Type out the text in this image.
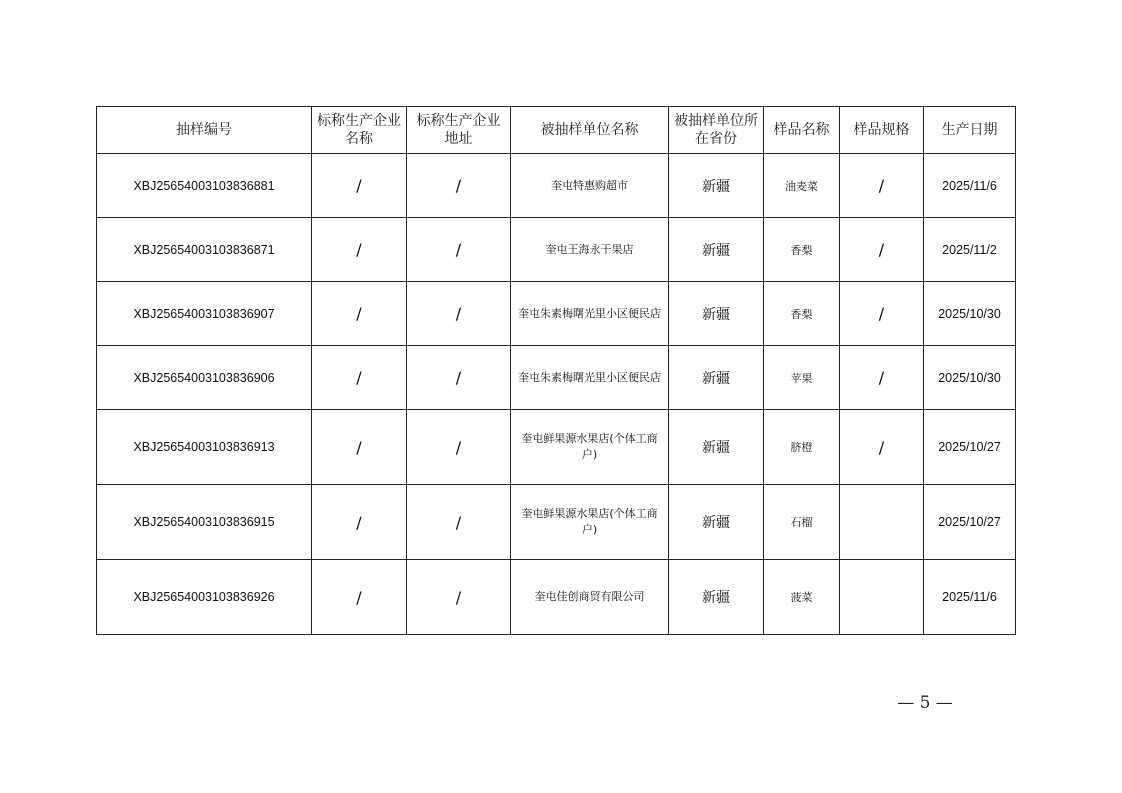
抽样编号	标称生产企业名称	标称生产企业地址	被抽样单位名称	被抽样单位所在省份	样品名称	样品规格	生产日期
XBJ25654003103836881	/	/	奎屯特惠购超市	新疆	油麦菜	/	2025/11/6
XBJ25654003103836871	/	/	奎屯王海永干果店	新疆	香梨	/	2025/11/2
XBJ25654003103836907	/	/	奎屯朱素梅曙光里小区便民店	新疆	香梨	/	2025/10/30
XBJ25654003103836906	/	/	奎屯朱素梅曙光里小区便民店	新疆	苹果	/	2025/10/30
XBJ25654003103836913	/	/	奎屯鲜果源水果店(个体工商户)	新疆	脐橙	/	2025/10/27
XBJ25654003103836915	/	/	奎屯鲜果源水果店(个体工商户)	新疆	石榴		2025/10/27
XBJ25654003103836926	/	/	奎屯佳创商贸有限公司	新疆	菠菜		2025/11/6
— 5 —
